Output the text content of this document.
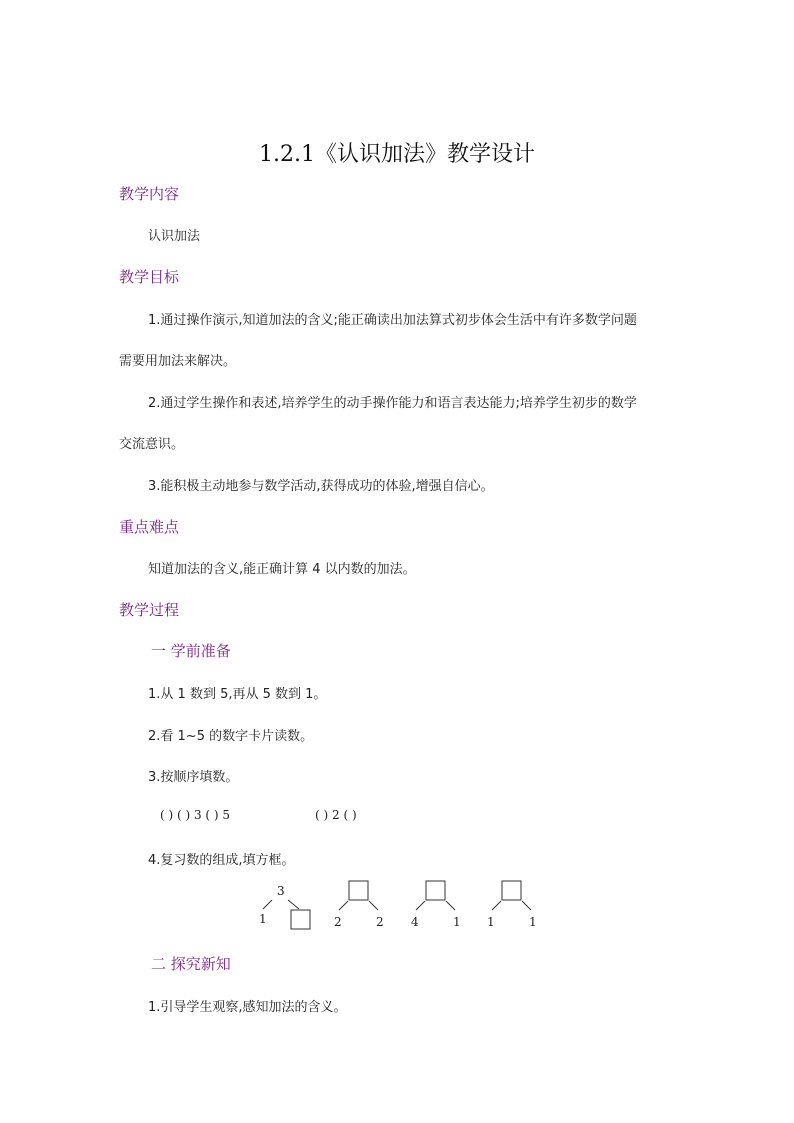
1.2.1《认识加法》教学设计
教学内容
认识加法
教学目标
1.通过操作演示,知道加法的含义;能正确读出加法算式初步体会生活中有许多数学问题
需要用加法来解决。
2.通过学生操作和表述,培养学生的动手操作能力和语言表达能力;培养学生初步的数学
交流意识。
3.能积极主动地参与数学活动,获得成功的体验,增强自信心。
重点难点
知道加法的含义,能正确计算 4 以内数的加法。
教学过程
一 学前准备
1.从 1 数到 5,再从 5 数到 1。
2.看 1~5 的数字卡片读数。
3.按顺序填数。
( ) ( ) 3 ( ) 5	( ) 2 ( )
4.复习数的组成,填方框。
3
1	2	2 4	1 1	1
二 探究新知
1.引导学生观察,感知加法的含义。
